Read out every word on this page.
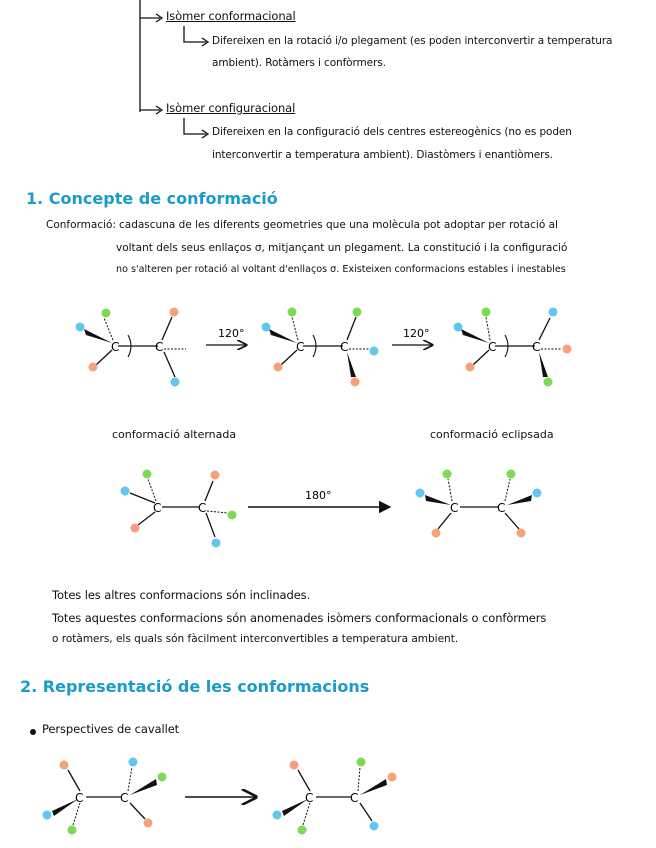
Isòmer conformacional
Difereixen en la rotació i/o plegament (es poden interconvertir a temperatura
ambient). Rotàmers i confòrmers.
Isòmer configuracional
Difereixen en la configuració dels centres estereogènics (no es poden
interconvertir a temperatura ambient). Diastòmers i enantiòmers.
1. Concepte de conformació
Conformació: cadascuna de les diferents geometries que una molècula pot adoptar per rotació al
voltant dels seus enllaços σ, mitjançant un plegament. La constitució i la configuració
no s'alteren per rotació al voltant d'enllaços σ. Existeixen conformacions estables i inestables
C	C
120°
C	C
120°
C	C
conformació alternada	conformació eclipsada
C	C
180°
C	C
Totes les altres conformacions són inclinades.
Totes aquestes conformacions són anomenades isòmers conformacionals o confòrmers
o rotàmers, els quals són fàcilment interconvertibles a temperatura ambient.
2. Representació de les conformacions
Perspectives de cavallet
C	C	C	C
